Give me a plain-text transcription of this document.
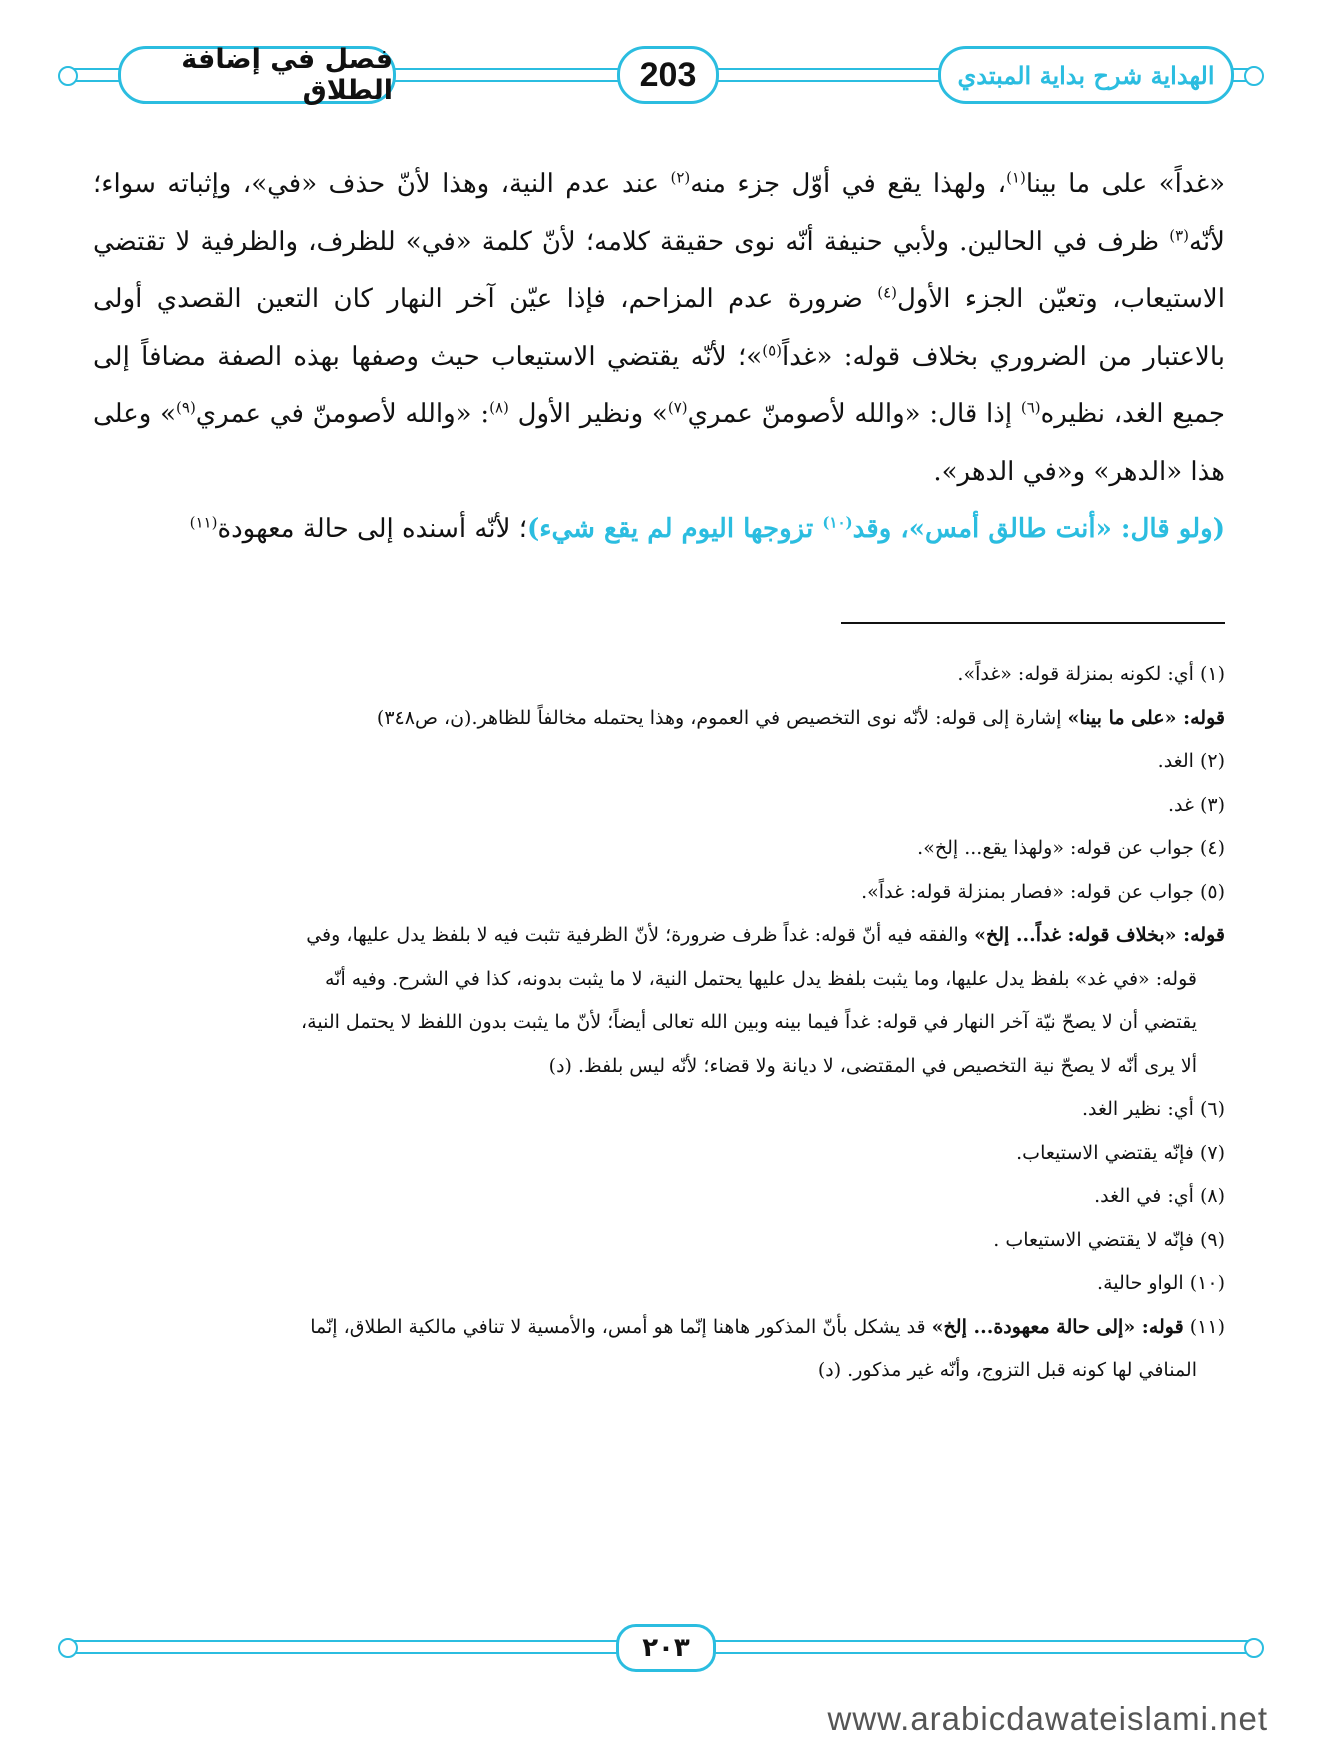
فصل في إضافة الطلاق	203	الهداية شرح بداية المبتدي

«غداً» على ما بينا$^{(١)}$، ولهذا يقع في أوّل جزء منه$^{(٢)}$ عند عدم النية، وهذا لأنّ حذف «في»، وإثباته سواء؛ لأنّه$^{(٣)}$ ظرف في الحالين. ولأبي حنيفة أنّه نوى حقيقة كلامه؛ لأنّ كلمة «في» للظرف، والظرفية لا تقتضي الاستيعاب، وتعيّن الجزء الأول$^{(٤)}$ ضرورة عدم المزاحم، فإذا عيّن آخر النهار كان التعين القصدي أولى بالاعتبار من الضروري بخلاف قوله: «غداً$^{(٥)}$»؛ لأنّه يقتضي الاستيعاب حيث وصفها بهذه الصفة مضافاً إلى جميع الغد، نظيره$^{(٦)}$ إذا قال: «والله لأصومنّ عمري$^{(٧)}$» ونظير الأول $^{(٨)}$: «والله لأصومنّ في عمري$^{(٩)}$» وعلى هذا «الدهر» و«في الدهر».

(ولو قال: «أنت طالق أمس»، وقد$^{(١٠)}$ تزوجها اليوم لم يقع شيء)؛ لأنّه أسنده إلى حالة معهودة$^{(١١)}$

(١) أي: لكونه بمنزلة قوله: «غداً».

قوله: «على ما بينا» إشارة إلى قوله: لأنّه نوى التخصيص في العموم، وهذا يحتمله مخالفاً للظاهر.(ن، ص٣٤٨)

(٢) الغد.

(٣) غد.

(٤) جواب عن قوله: «ولهذا يقع... إلخ».

(٥) جواب عن قوله: «فصار بمنزلة قوله: غداً».

قوله: «بخلاف قوله: غداً... إلخ» والفقه فيه أنّ قوله: غداً ظرف ضرورة؛ لأنّ الظرفية تثبت فيه لا بلفظ يدل عليها، وفي

قوله: «في غد» بلفظ يدل عليها، وما يثبت بلفظ يدل عليها يحتمل النية، لا ما يثبت بدونه، كذا في الشرح. وفيه أنّه

يقتضي أن لا يصحّ نيّة آخر النهار في قوله: غداً فيما بينه وبين الله تعالى أيضاً؛ لأنّ ما يثبت بدون اللفظ لا يحتمل النية،

ألا يرى أنّه لا يصحّ نية التخصيص في المقتضى، لا ديانة ولا قضاء؛ لأنّه ليس بلفظ. (د)

(٦) أي: نظير الغد.

(٧) فإنّه يقتضي الاستيعاب.

(٨) أي: في الغد.

(٩) فإنّه لا يقتضي الاستيعاب .

(١٠) الواو حالية.

(١١) قوله: «إلى حالة معهودة... إلخ» قد يشكل بأنّ المذكور هاهنا إنّما هو أمس، والأمسية لا تنافي مالكية الطلاق، إنّما

المنافي لها كونه قبل التزوج، وأنّه غير مذكور. (د)

٢٠٣
www.arabicdawateislami.net
